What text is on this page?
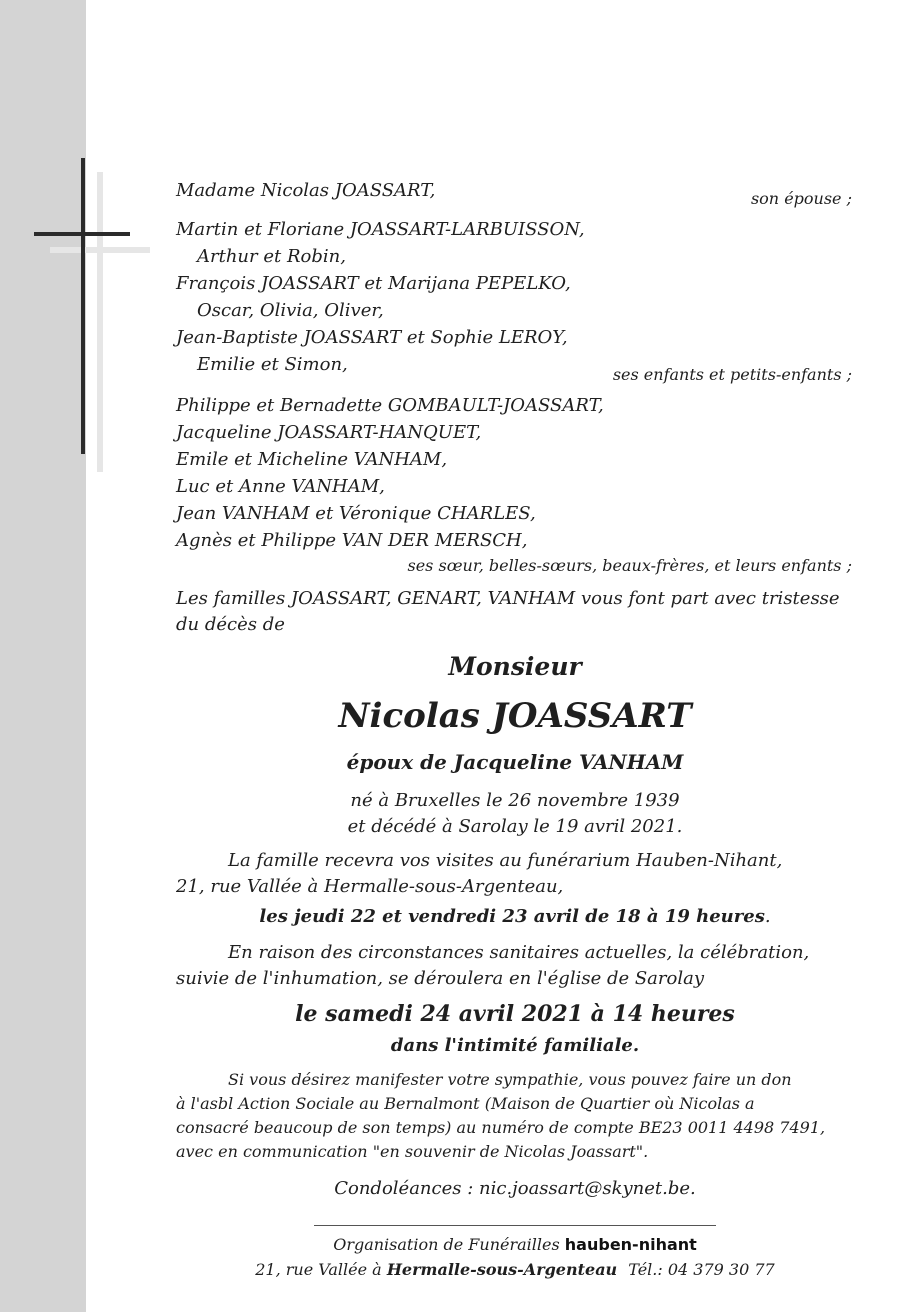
Madame Nicolas JOASSART,	son épouse ;
Martin et Floriane JOASSART-LARBUISSON,
Arthur et Robin,
François JOASSART et Marijana PEPELKO,
Oscar, Olivia, Oliver,
Jean-Baptiste JOASSART et Sophie LEROY,
Emilie et Simon,	ses enfants et petits-enfants ;
Philippe et Bernadette GOMBAULT-JOASSART,
Jacqueline JOASSART-HANQUET,
Emile et Micheline VANHAM,
Luc et Anne VANHAM,
Jean VANHAM et Véronique CHARLES,
Agnès et Philippe VAN DER MERSCH,
ses sœur, belles-sœurs, beaux-frères, et leurs enfants ;
Les familles JOASSART, GENART, VANHAM vous font part avec tristesse
du décès de
Monsieur
Nicolas JOASSART
époux de Jacqueline VANHAM
né à Bruxelles le 26 novembre 1939
et décédé à Sarolay le 19 avril 2021.
La famille recevra vos visites au funérarium Hauben-Nihant,
21, rue Vallée à Hermalle-sous-Argenteau,
les jeudi 22 et vendredi 23 avril de 18 à 19 heures.
En raison des circonstances sanitaires actuelles, la célébration,
suivie de l'inhumation, se déroulera en l'église de Sarolay
le samedi 24 avril 2021 à 14 heures
dans l'intimité familiale.
Si vous désirez manifester votre sympathie, vous pouvez faire un don
à l'asbl Action Sociale au Bernalmont (Maison de Quartier où Nicolas a
consacré beaucoup de son temps) au numéro de compte BE23 0011 4498 7491,
avec en communication "en souvenir de Nicolas Joassart".
Condoléances : nic.joassart@skynet.be.
Organisation de Funérailles hauben-nihant
21, rue Vallée à Hermalle-sous-Argenteau Tél.: 04 379 30 77
